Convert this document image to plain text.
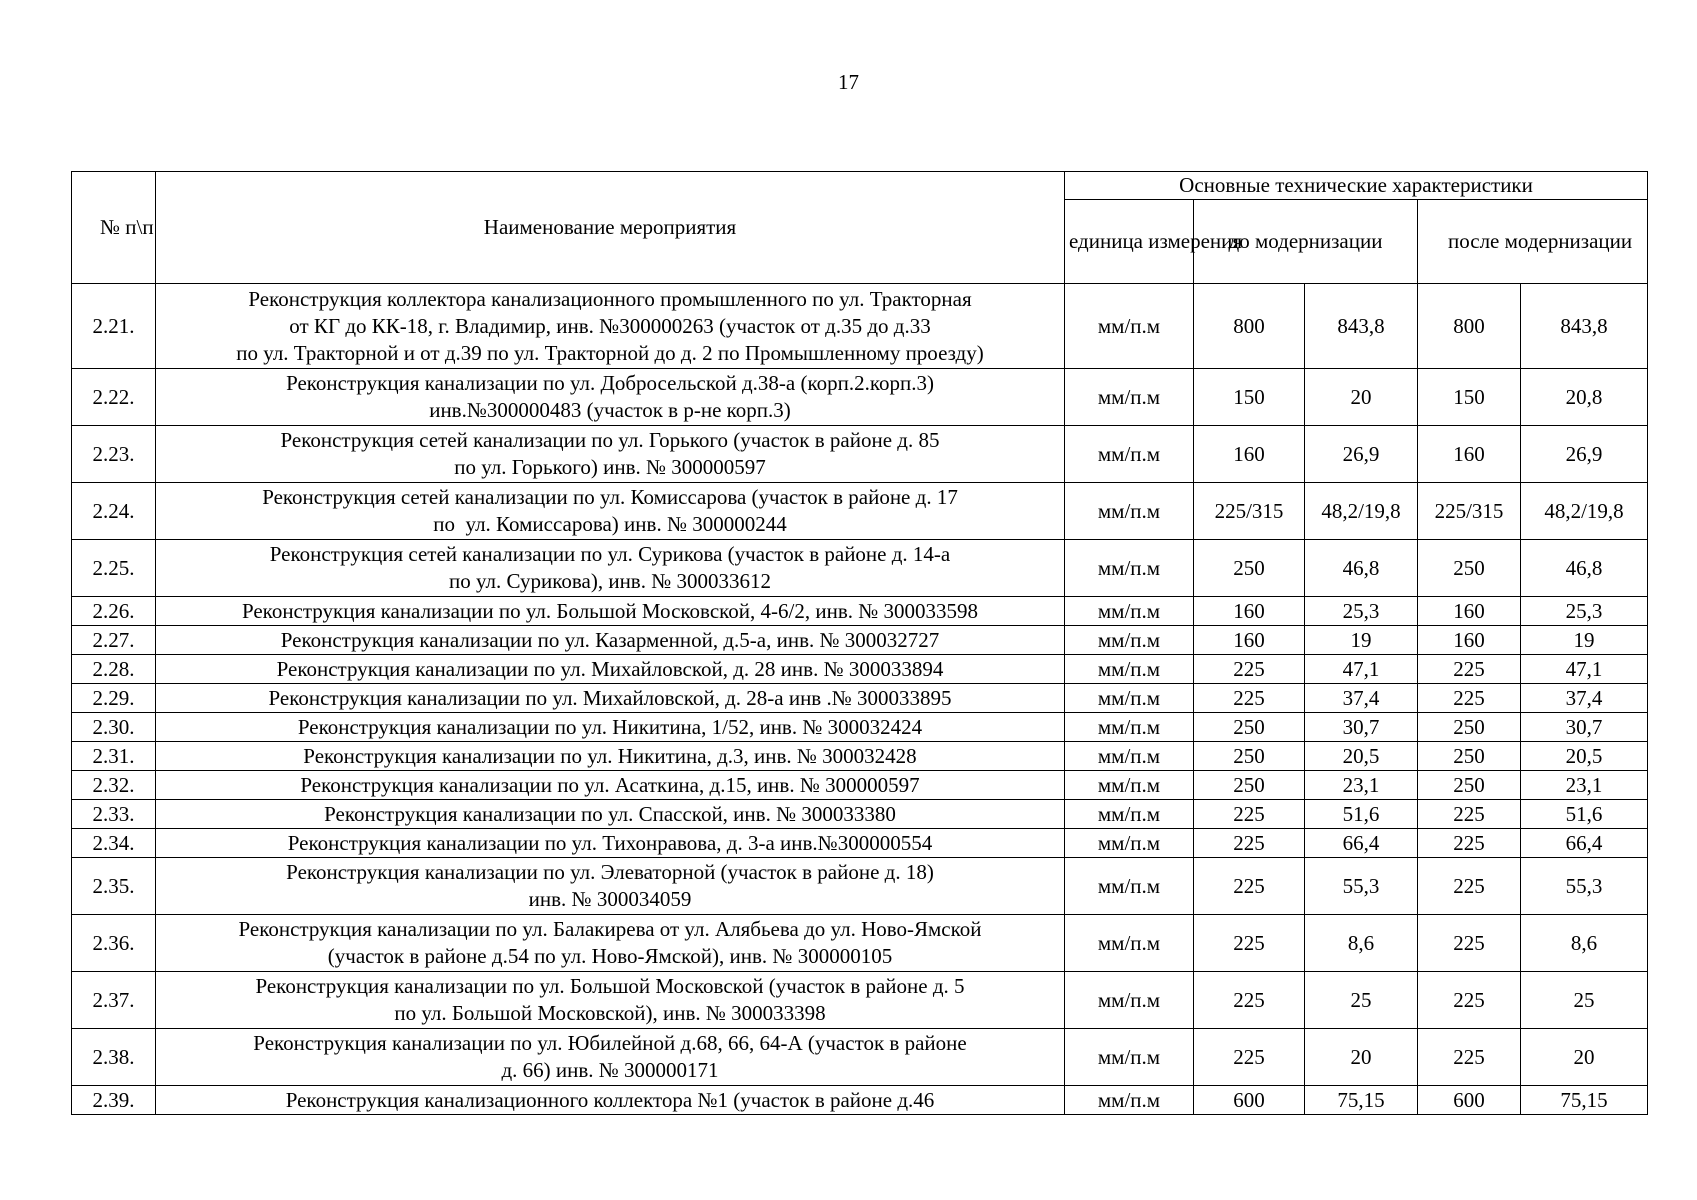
17
№ п\п	Наименование мероприятия	Основные технические характеристики				
		единица измерения	до модернизации		после модернизации	
2.21.	Реконструкция коллектора канализационного промышленного по ул. Тракторная
от КГ до КК-18, г. Владимир, инв. №300000263 (участок от д.35 до д.33
по ул. Тракторной и от д.39 по ул. Тракторной до д. 2 по Промышленному проезду)	мм/п.м	800	843,8	800	843,8
2.22.	Реконструкция канализации по ул. Добросельской д.38-а (корп.2.корп.3)
инв.№300000483 (участок в р-не корп.3)	мм/п.м	150	20	150	20,8
2.23.	Реконструкция сетей канализации по ул. Горького (участок в районе д. 85
по ул. Горького) инв. № 300000597	мм/п.м	160	26,9	160	26,9
2.24.	Реконструкция сетей канализации по ул. Комиссарова (участок в районе д. 17
по  ул. Комиссарова) инв. № 300000244	мм/п.м	225/315	48,2/19,8	225/315	48,2/19,8
2.25.	Реконструкция сетей канализации по ул. Сурикова (участок в районе д. 14-а
по ул. Сурикова), инв. № 300033612	мм/п.м	250	46,8	250	46,8
2.26.	Реконструкция канализации по ул. Большой Московской, 4-6/2, инв. № 300033598	мм/п.м	160	25,3	160	25,3
2.27.	Реконструкция канализации по ул. Казарменной, д.5-а, инв. № 300032727	мм/п.м	160	19	160	19
2.28.	Реконструкция канализации по ул. Михайловской, д. 28 инв. № 300033894	мм/п.м	225	47,1	225	47,1
2.29.	Реконструкция канализации по ул. Михайловской, д. 28-а инв .№ 300033895	мм/п.м	225	37,4	225	37,4
2.30.	Реконструкция канализации по ул. Никитина, 1/52, инв. № 300032424	мм/п.м	250	30,7	250	30,7
2.31.	Реконструкция канализации по ул. Никитина, д.3, инв. № 300032428	мм/п.м	250	20,5	250	20,5
2.32.	Реконструкция канализации по ул. Асаткина, д.15, инв. № 300000597	мм/п.м	250	23,1	250	23,1
2.33.	Реконструкция канализации по ул. Спасской, инв. № 300033380	мм/п.м	225	51,6	225	51,6
2.34.	Реконструкция канализации по ул. Тихонравова, д. 3-а инв.№300000554	мм/п.м	225	66,4	225	66,4
2.35.	Реконструкция канализации по ул. Элеваторной (участок в районе д. 18)
инв. № 300034059	мм/п.м	225	55,3	225	55,3
2.36.	Реконструкция канализации по ул. Балакирева от ул. Алябьева до ул. Ново-Ямской
(участок в районе д.54 по ул. Ново-Ямской), инв. № 300000105	мм/п.м	225	8,6	225	8,6
2.37.	Реконструкция канализации по ул. Большой Московской (участок в районе д. 5
по ул. Большой Московской), инв. № 300033398	мм/п.м	225	25	225	25
2.38.	Реконструкция канализации по ул. Юбилейной д.68, 66, 64-А (участок в районе
д. 66) инв. № 300000171	мм/п.м	225	20	225	20
2.39.	Реконструкция канализационного коллектора №1 (участок в районе д.46	мм/п.м	600	75,15	600	75,15
